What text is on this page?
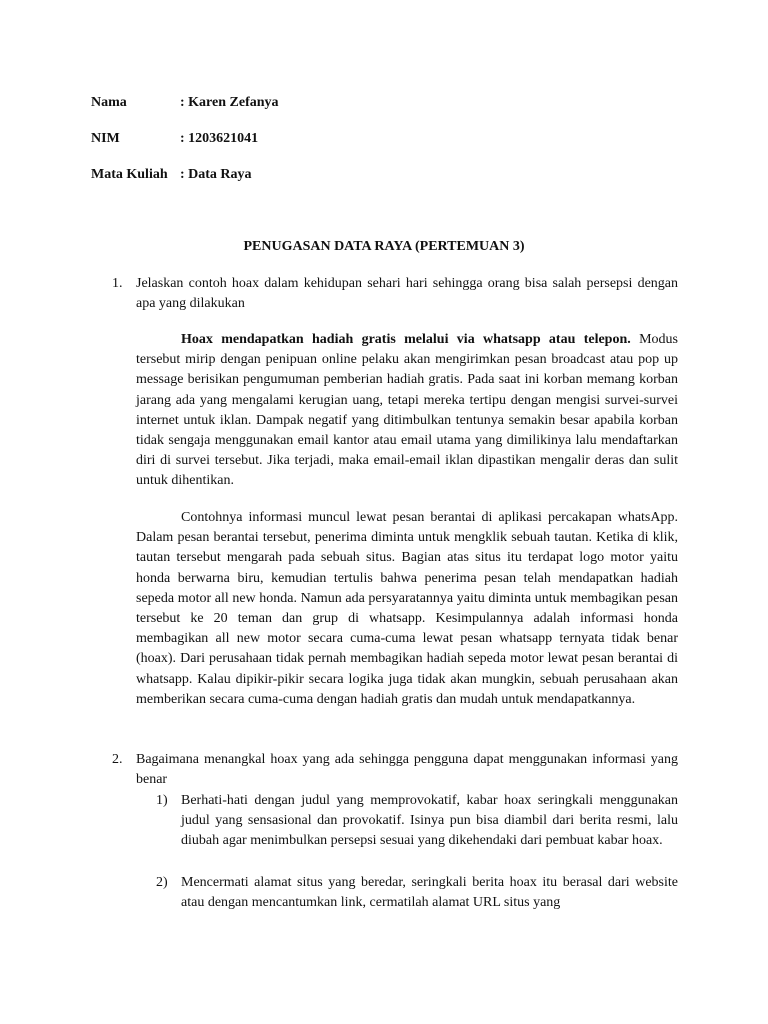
Nama	: Karen Zefanya
NIM	: 1203621041
Mata Kuliah : Data Raya
PENUGASAN DATA RAYA (PERTEMUAN 3)
1. Jelaskan contoh hoax dalam kehidupan sehari hari sehingga orang bisa salah persepsi dengan apa yang dilakukan
Hoax mendapatkan hadiah gratis melalui via whatsapp atau telepon. Modus tersebut mirip dengan penipuan online pelaku akan mengirimkan pesan broadcast atau pop up message berisikan pengumuman pemberian hadiah gratis. Pada saat ini korban memang korban jarang ada yang mengalami kerugian uang, tetapi mereka tertipu dengan mengisi survei-survei internet untuk iklan. Dampak negatif yang ditimbulkan tentunya semakin besar apabila korban tidak sengaja menggunakan email kantor atau email utama yang dimilikinya lalu mendaftarkan diri di survei tersebut. Jika terjadi, maka email-email iklan dipastikan mengalir deras dan sulit untuk dihentikan.
Contohnya informasi muncul lewat pesan berantai di aplikasi percakapan whatsApp. Dalam pesan berantai tersebut, penerima diminta untuk mengklik sebuah tautan. Ketika di klik, tautan tersebut mengarah pada sebuah situs. Bagian atas situs itu terdapat logo motor yaitu honda berwarna biru, kemudian tertulis bahwa penerima pesan telah mendapatkan hadiah sepeda motor all new honda. Namun ada persyaratannya yaitu diminta untuk membagikan pesan tersebut ke 20 teman dan grup di whatsapp. Kesimpulannya adalah informasi honda membagikan all new motor secara cuma-cuma lewat pesan whatsapp ternyata tidak benar (hoax). Dari perusahaan tidak pernah membagikan hadiah sepeda motor lewat pesan berantai di whatsapp. Kalau dipikir-pikir secara logika juga tidak akan mungkin, sebuah perusahaan akan memberikan secara cuma-cuma dengan hadiah gratis dan mudah untuk mendapatkannya.
2. Bagaimana menangkal hoax yang ada sehingga pengguna dapat menggunakan informasi yang benar
1) Berhati-hati dengan judul yang memprovokatif, kabar hoax seringkali menggunakan judul yang sensasional dan provokatif. Isinya pun bisa diambil dari berita resmi, lalu diubah agar menimbulkan persepsi sesuai yang dikehendaki dari pembuat kabar hoax.
2) Mencermati alamat situs yang beredar, seringkali berita hoax itu berasal dari website atau dengan mencantumkan link, cermatilah alamat URL situs yang
